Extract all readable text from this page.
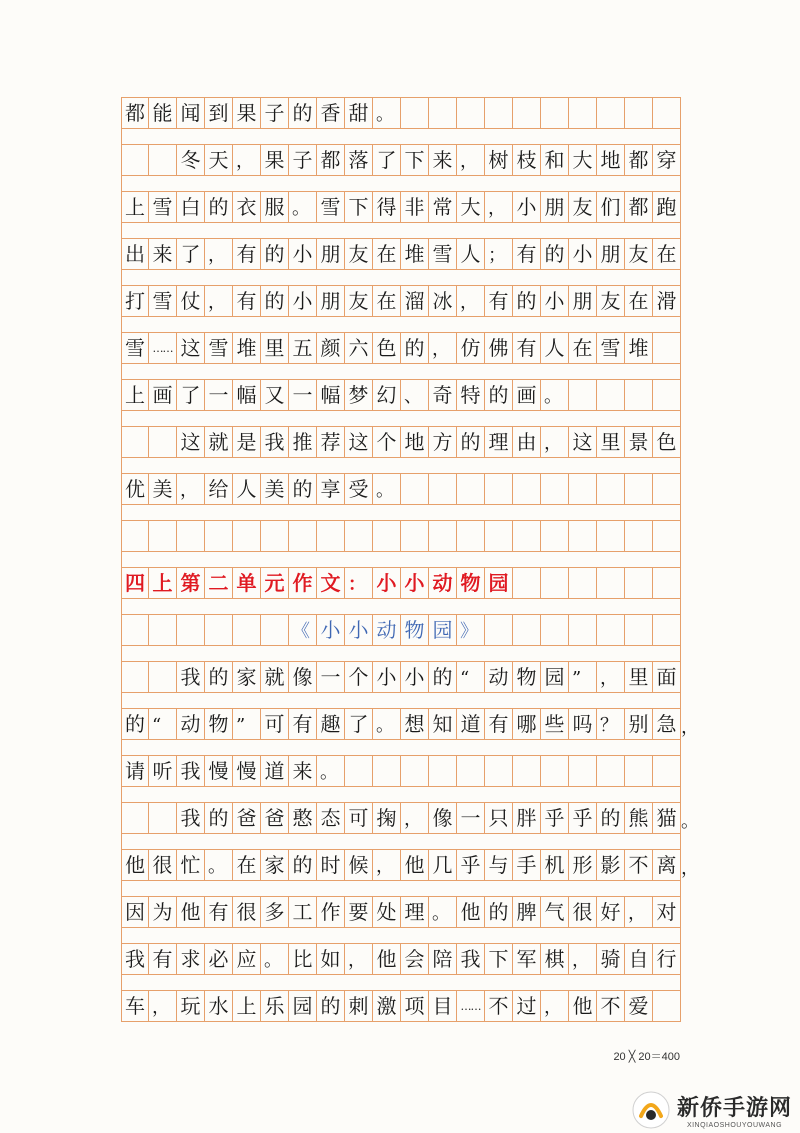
都 能 闻 到 果 子 的 香 甜 。
冬 天 ， 果 子 都 落 了 下 来 ， 树 枝 和 大 地 都 穿
上 雪 白 的 衣 服 。 雪 下 得 非 常 大 ， 小 朋 友 们 都 跑
出 来 了 ， 有 的 小 朋 友 在 堆 雪 人 ； 有 的 小 朋 友 在
打 雪 仗 ， 有 的 小 朋 友 在 溜 冰 ， 有 的 小 朋 友 在 滑
雪 …… 这 雪 堆 里 五 颜 六 色 的 ， 仿 佛 有 人 在 雪 堆
上 画 了 一 幅 又 一 幅 梦 幻 、 奇 特 的 画 。
这 就 是 我 推 荐 这 个 地 方 的 理 由 ， 这 里 景 色
优 美 ， 给 人 美 的 享 受 。
四 上 第 二 单 元 作 文 ： 小 小 动 物 园
《 小 小 动 物 园 》
我 的 家 就 像 一 个 小 小 的 “ 动 物 园 ”	， 里 面
的 “ 动 物 ” 可 有 趣 了 。 想 知 道 有 哪 些 吗 ？ 别 急 ，
请 听 我 慢 慢 道 来 。
我 的 爸 爸 憨 态 可 掬 ， 像 一 只 胖 乎 乎 的 熊 猫 。
他 很 忙 。 在 家 的 时 候 ， 他 几 乎 与 手 机 形 影 不 离 ，
因 为 他 有 很 多 工 作 要 处 理 。 他 的 脾 气 很 好 ， 对
我 有 求 必 应 。 比 如 ， 他 会 陪 我 下 军 棋 ， 骑 自 行
车 ， 玩 水 上 乐 园 的 刺 激 项 目 …… 不 过 ， 他 不 爱
20 ╳ 20＝400
新侨手游网
XINQIAOSHOUYOUWANG
